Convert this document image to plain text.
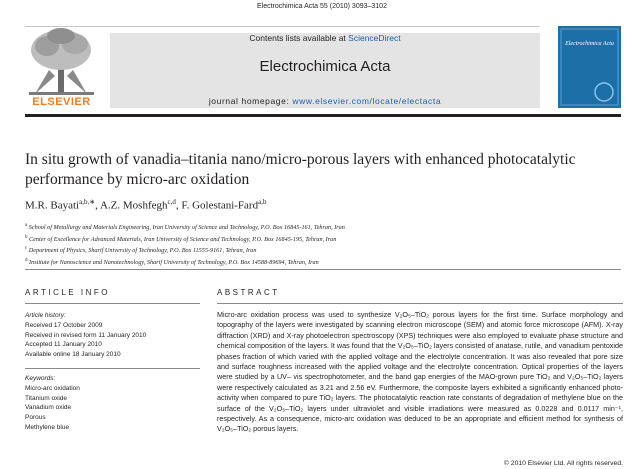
Electrochimica Acta 55 (2010) 3093–3102
ELSEVIER
Contents lists available at ScienceDirect
Electrochimica Acta
journal homepage: www.elsevier.com/locate/electacta
Electrochimica Acta
In situ growth of vanadia–titania nano/micro-porous layers with enhanced photocatalytic performance by micro-arc oxidation
M.R. Bayati$^{a,b,∗}$, A.Z. Moshfegh$^{c,d}$, F. Golestani-Fard$^{a,b}$
$^a$ School of Metallurgy and Materials Engineering, Iran University of Science and Technology, P.O. Box 16845-161, Tehran, Iran
$^b$ Center of Excellence for Advanced Materials, Iran University of Science and Technology, P.O. Box 16845-195, Tehran, Iran
$^c$ Department of Physics, Sharif University of Technology, P.O. Box 11555-9161, Tehran, Iran
$^d$ Institute for Nanoscience and Nanotechnology, Sharif University of Technology, P.O. Box 14588-89694, Tehran, Iran
ARTICLE INFO
Article history:
Received 17 October 2009
Received in revised form 11 January 2010
Accepted 11 January 2010
Available online 18 January 2010
Keywords:
Micro-arc oxidation
Titanium oxide
Vanadium oxide
Porous
Methylene blue
ABSTRACT
Micro-arc oxidation process was used to synthesize V₂O₅–TiO₂ porous layers for the first time. Surface morphology and topography of the layers were investigated by scanning electron microscope (SEM) and atomic force microscope (AFM). X-ray diffraction (XRD) and X-ray photoelectron spectroscopy (XPS) techniques were also employed to evaluate phase structure and chemical composition of the layers. It was found that the V₂O₅–TiO₂ layers consisted of anatase, rutile, and vanadium pentoxide phases fraction of which varied with the applied voltage and the electrolyte concentration. It was also revealed that pore size and surface roughness increased with the applied voltage and the electrolyte concentration. Optical properties of the layers were studied by a UV– vis spectrophotometer, and the band gap energies of the MAO-grown pure TiO₂ and V₂O₅–TiO₂ layers were respectively calculated as 3.21 and 2.56 eV. Furthermore, the composite layers exhibited a significantly enhanced photo-activity when compared to pure TiO₂ layers. The photocatalytic reaction rate constants of degradation of methylene blue on the surface of the V₂O₅–TiO₂ layers under ultraviolet and visible irradiations were measured as 0.0228 and 0.0117 min⁻¹, respectively. As a consequence, micro-arc oxidation was deduced to be an appropriate and efficient method for synthesis of V₂O₅–TiO₂ porous layers.
© 2010 Elsevier Ltd. All rights reserved.
